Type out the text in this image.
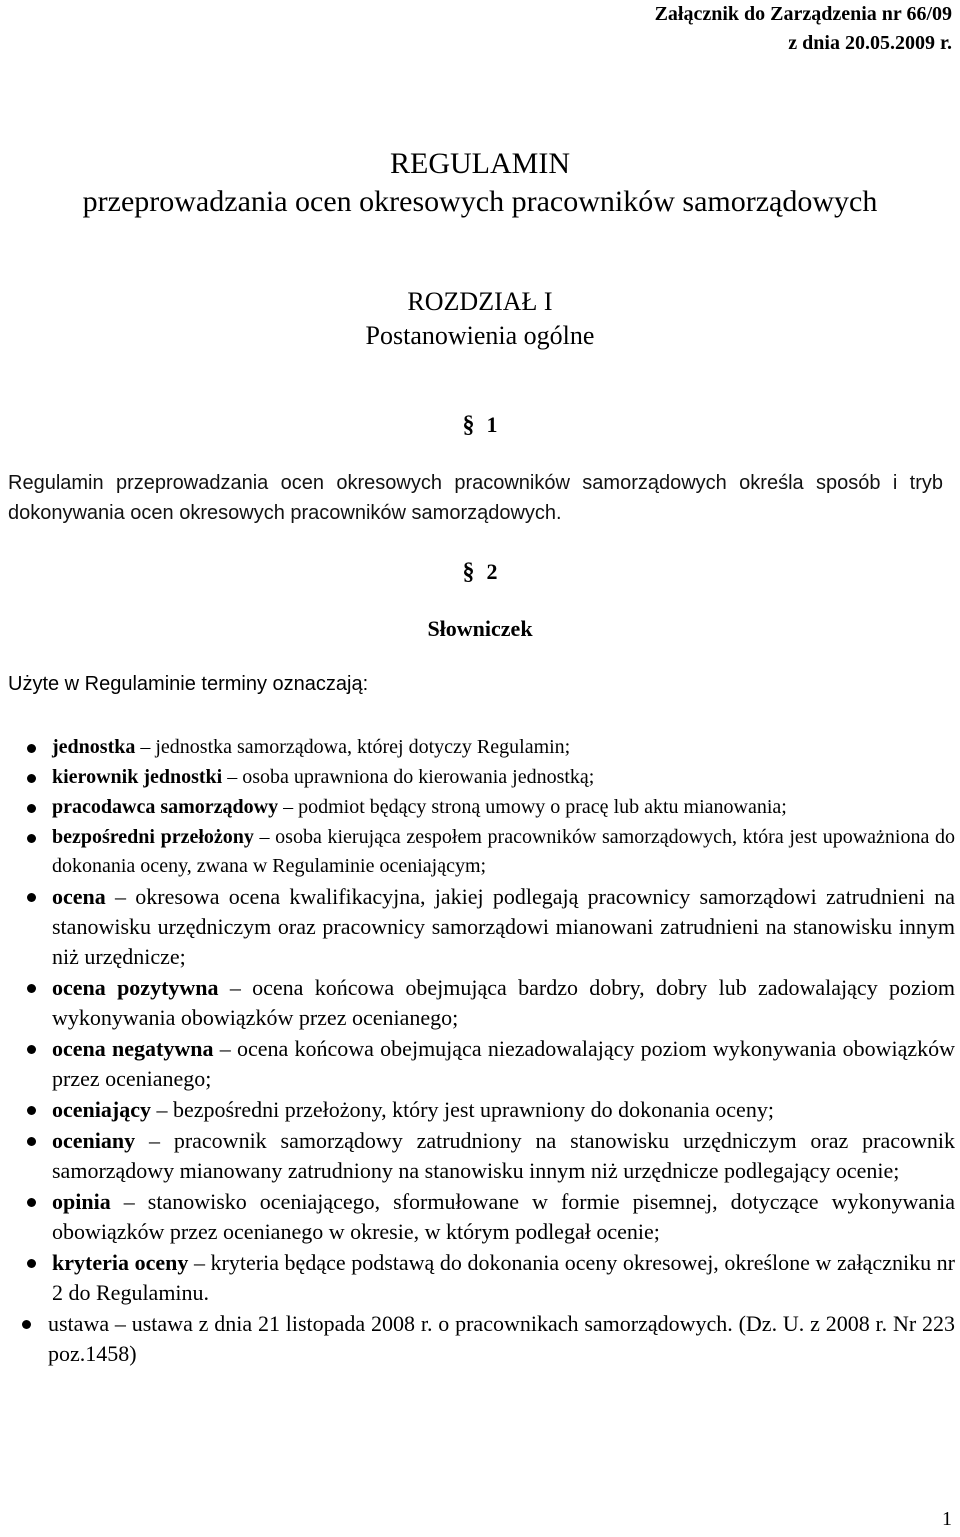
Załącznik do Zarządzenia nr 66/09
z dnia 20.05.2009 r.
REGULAMIN
przeprowadzania ocen okresowych pracowników samorządowych
ROZDZIAŁ I
Postanowienia ogólne
§ 1
Regulamin przeprowadzania ocen okresowych pracowników samorządowych określa sposób i tryb dokonywania ocen okresowych pracowników samorządowych.
§ 2
Słowniczek
Użyte w Regulaminie terminy oznaczają:
jednostka – jednostka samorządowa, której dotyczy Regulamin;
kierownik jednostki – osoba uprawniona do kierowania jednostką;
pracodawca samorządowy – podmiot będący stroną umowy o pracę lub aktu mianowania;
bezpośredni przełożony – osoba kierująca zespołem pracowników samorządowych, która jest upoważniona do dokonania oceny, zwana w Regulaminie oceniającym;
ocena – okresowa ocena kwalifikacyjna, jakiej podlegają pracownicy samorządowi zatrudnieni na stanowisku urzędniczym oraz pracownicy samorządowi mianowani zatrudnieni na stanowisku innym niż urzędnicze;
ocena pozytywna – ocena końcowa obejmująca bardzo dobry, dobry lub zadowalający poziom wykonywania obowiązków przez ocenianego;
ocena negatywna – ocena końcowa obejmująca niezadowalający poziom wykonywania obowiązków przez ocenianego;
oceniający – bezpośredni przełożony, który jest uprawniony do dokonania oceny;
oceniany – pracownik samorządowy zatrudniony na stanowisku urzędniczym oraz pracownik samorządowy mianowany zatrudniony na stanowisku innym niż urzędnicze podlegający ocenie;
opinia – stanowisko oceniającego, sformułowane w formie pisemnej, dotyczące wykonywania obowiązków przez ocenianego w okresie, w którym podlegał ocenie;
kryteria oceny – kryteria będące podstawą do dokonania oceny okresowej, określone w załączniku nr 2 do Regulaminu.
ustawa – ustawa z dnia 21 listopada 2008 r. o pracownikach samorządowych. (Dz. U. z 2008 r. Nr 223 poz.1458)
1
